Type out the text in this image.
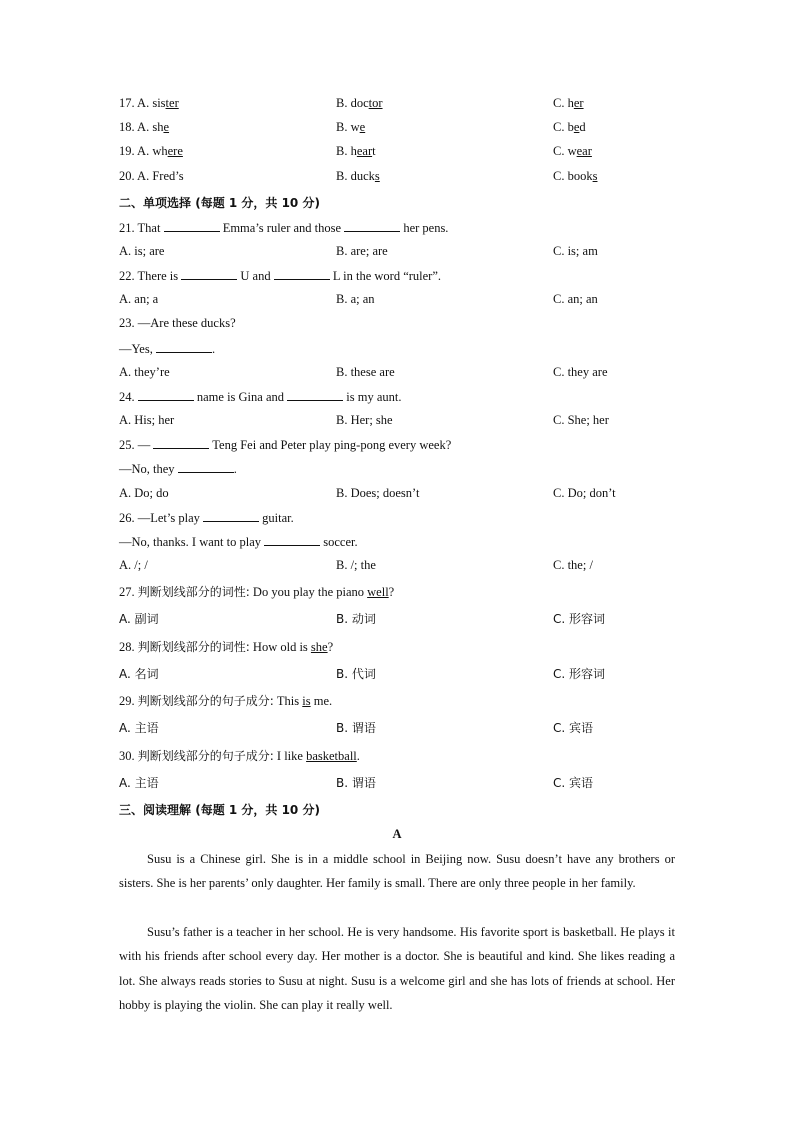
17. A. sister	B. doctor	C. her
18. A. she	B. we	C. bed
19. A. where	B. heart	C. wear
20. A. Fred’s	B. ducks	C. books
二、单项选择 (每题 1 分，共 10 分)
21. That	Emma’s ruler and those	her pens.
A. is; are	B. are; are	C. is; am
22. There is	U and	L in the word “ruler”.
A. an; a	B. a; an	C. an; an
23. —Are these ducks?
—Yes,	.
A. they’re	B. these are	C. they are
24.	name is Gina and	is my aunt.
A. His; her	B. Her; she	C. She; her
25. —	Teng Fei and Peter play ping-pong every week?
—No, they	.
A. Do; do	B. Does; doesn’t	C. Do; don’t
26. —Let’s play	guitar.
—No, thanks. I want to play	soccer.
A. /; /	B. /; the	C. the; /
27. 判断划线部分的词性: Do you play the piano well?
A. 副词	B. 动词	C. 形容词
28. 判断划线部分的词性: How old is she?
A. 名词	B. 代词	C. 形容词
29. 判断划线部分的句子成分: This is me.
A. 主语	B. 谓语	C. 宾语
30. 判断划线部分的句子成分: I like basketball.
A. 主语	B. 谓语	C. 宾语
三、阅读理解 (每题 1 分，共 10 分)
A
Susu is a Chinese girl. She is in a middle school in Beijing now. Susu doesn’t have any brothers or sisters. She is her parents’ only daughter. Her family is small. There are only three people in her family.
Susu’s father is a teacher in her school. He is very handsome. His favorite sport is basketball. He plays it with his friends after school every day. Her mother is a doctor. She is beautiful and kind. She likes reading a lot. She always reads stories to Susu at night. Susu is a welcome girl and she has lots of friends at school. Her hobby is playing the violin. She can play it really well.
